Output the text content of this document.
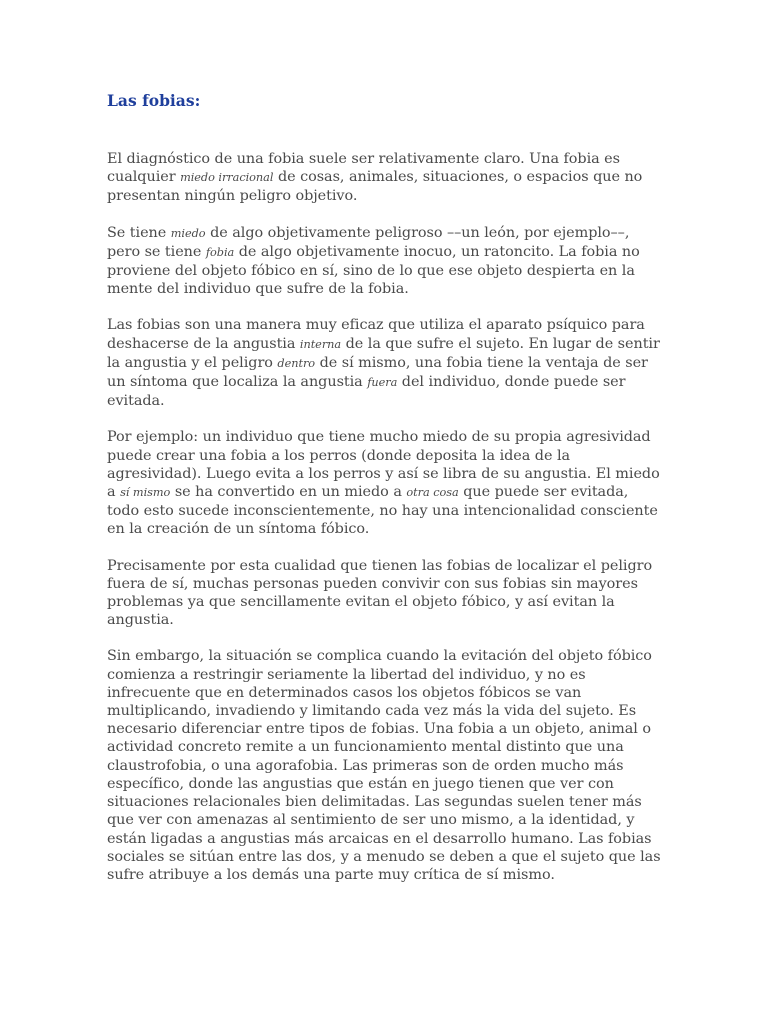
Las fobias:

El diagnóstico de una fobia suele ser relativamente claro. Una fobia es cualquier miedo irracional de cosas, animales, situaciones, o espacios que no presentan ningún peligro objetivo.

Se tiene miedo de algo objetivamente peligroso ––un león, por ejemplo––, pero se tiene fobia de algo objetivamente inocuo, un ratoncito. La fobia no proviene del objeto fóbico en sí, sino de lo que ese objeto despierta en la mente del individuo que sufre de la fobia.

Las fobias son una manera muy eficaz que utiliza el aparato psíquico para deshacerse de la angustia interna de la que sufre el sujeto. En lugar de sentir la angustia y el peligro dentro de sí mismo, una fobia tiene la ventaja de ser un síntoma que localiza la angustia fuera del individuo, donde puede ser evitada.

Por ejemplo: un individuo que tiene mucho miedo de su propia agresividad puede crear una fobia a los perros (donde deposita la idea de la agresividad). Luego evita a los perros y así se libra de su angustia. El miedo a sí mismo se ha convertido en un miedo a otra cosa que puede ser evitada, todo esto sucede inconscientemente, no hay una intencionalidad consciente en la creación de un síntoma fóbico.

Precisamente por esta cualidad que tienen las fobias de localizar el peligro fuera de sí, muchas personas pueden convivir con sus fobias sin mayores problemas ya que sencillamente evitan el objeto fóbico, y así evitan la angustia.

Sin embargo, la situación se complica cuando la evitación del objeto fóbico comienza a restringir seriamente la libertad del individuo, y no es infrecuente que en determinados casos los objetos fóbicos se van multiplicando, invadiendo y limitando cada vez más la vida del sujeto. Es necesario diferenciar entre tipos de fobias. Una fobia a un objeto, animal o actividad concreto remite a un funcionamiento mental distinto que una claustrofobia, o una agorafobia. Las primeras son de orden mucho más específico, donde las angustias que están en juego tienen que ver con situaciones relacionales bien delimitadas. Las segundas suelen tener más que ver con amenazas al sentimiento de ser uno mismo, a la identidad, y están ligadas a angustias más arcaicas en el desarrollo humano. Las fobias sociales se sitúan entre las dos, y a menudo se deben a que el sujeto que las sufre atribuye a los demás una parte muy crítica de sí mismo.
